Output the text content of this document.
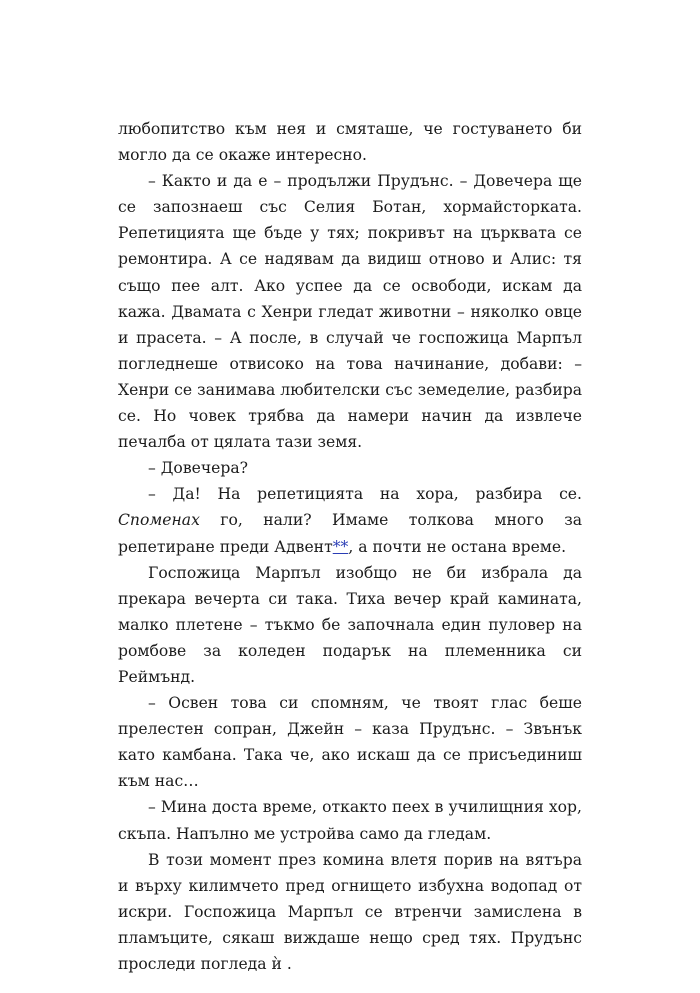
любопитство към нея и смяташе, че гостуването би могло да се окаже интересно.

– Както и да е – продължи Прудънс. – Довечера ще се запознаеш със Селия Ботан, хормайсторката. Репетицията ще бъде у тях; покривът на църквата се ремонтира. А се надявам да видиш отново и Алис: тя също пее алт. Ако успее да се освободи, искам да кажа. Двамата с Хенри гледат животни – няколко овце и прасета. – А после, в случай че госпожица Марпъл погледнеше отвисоко на това начинание, добави: – Хенри се занимава любителски със земеделие, разбира се. Но човек трябва да намери начин да извлече печалба от цялата тази земя.

– Довечера?

– Да! На репетицията на хора, разбира се. Споменах го, нали? Имаме толкова много за репетиране преди Адвент**, а почти не остана време.

Госпожица Марпъл изобщо не би избрала да прекара вечерта си така. Тиха вечер край камината, малко плетене – тъкмо бе започнала един пуловер на ромбове за коледен подарък на племенника си Реймънд.

– Освен това си спомням, че твоят глас беше прелестен сопран, Джейн – каза Прудънс. – Звънък като камбана. Така че, ако искаш да се присъединиш към нас…

– Мина доста време, откакто пеех в училищния хор, скъпа. Напълно ме устройва само да гледам.

В този момент през комина влетя порив на вятъра и върху килимчето пред огнището избухна водопад от искри. Госпожица Марпъл се втренчи замислена в пламъците, сякаш виждаше нещо сред тях. Прудънс проследи погледа ѝ .
